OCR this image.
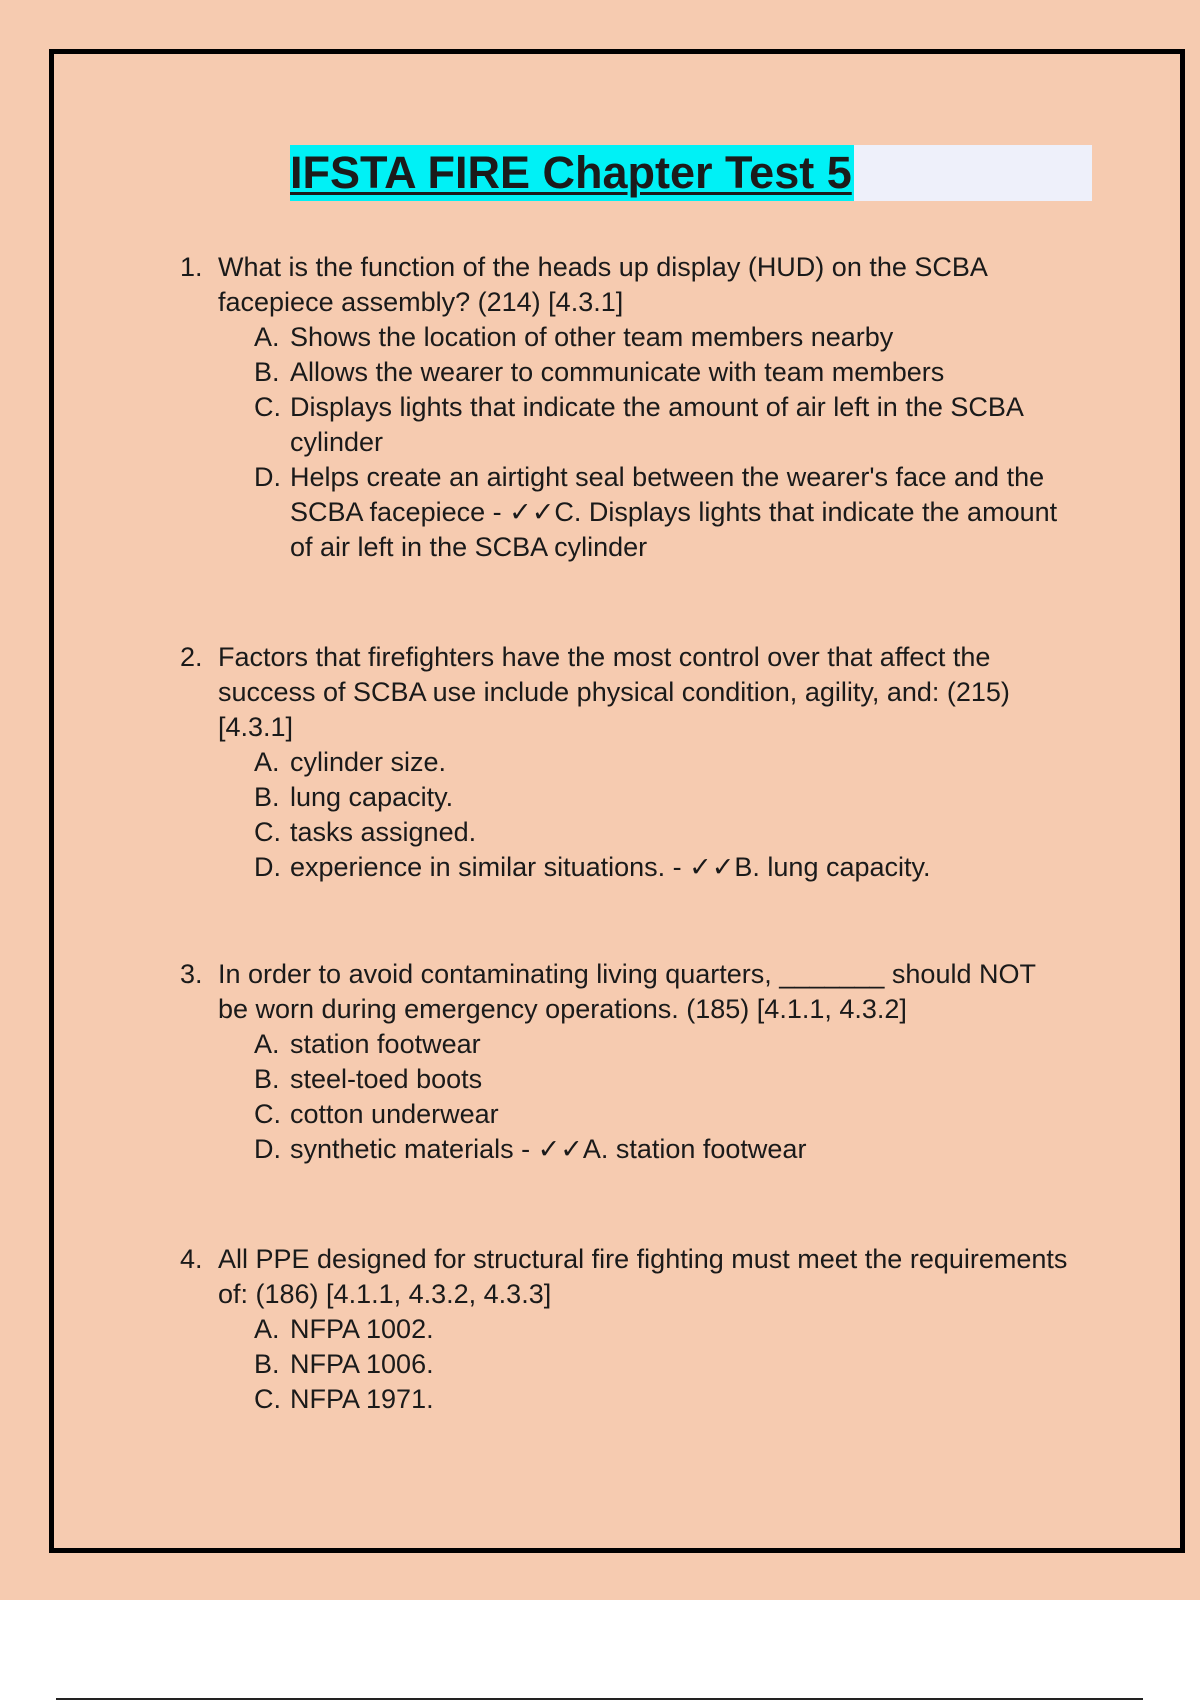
IFSTA FIRE Chapter Test 5
1. What is the function of the heads up display (HUD) on the SCBA facepiece assembly? (214) [4.3.1]
A. Shows the location of other team members nearby
B. Allows the wearer to communicate with team members
C. Displays lights that indicate the amount of air left in the SCBA cylinder
D. Helps create an airtight seal between the wearer's face and the SCBA facepiece - ✓✓C. Displays lights that indicate the amount of air left in the SCBA cylinder
2. Factors that firefighters have the most control over that affect the success of SCBA use include physical condition, agility, and: (215) [4.3.1]
A. cylinder size.
B. lung capacity.
C. tasks assigned.
D. experience in similar situations. - ✓✓B. lung capacity.
3. In order to avoid contaminating living quarters, _______ should NOT be worn during emergency operations. (185) [4.1.1, 4.3.2]
A. station footwear
B. steel-toed boots
C. cotton underwear
D. synthetic materials - ✓✓A. station footwear
4. All PPE designed for structural fire fighting must meet the requirements of: (186) [4.1.1, 4.3.2, 4.3.3]
A. NFPA 1002.
B. NFPA 1006.
C. NFPA 1971.
